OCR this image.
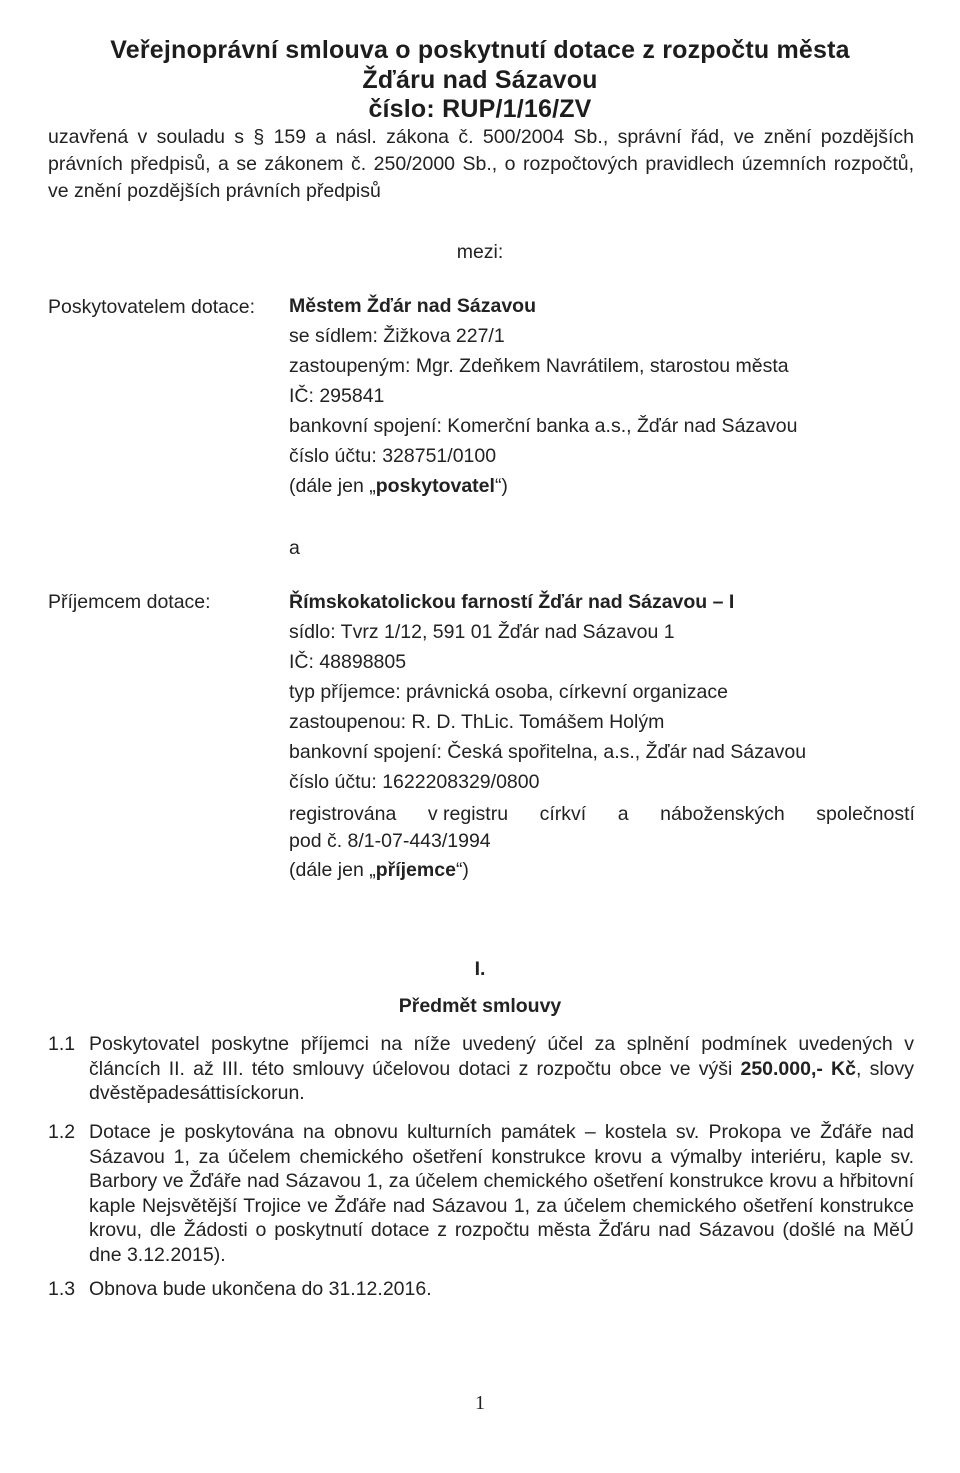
Veřejnoprávní smlouva o poskytnutí dotace z rozpočtu města
Žďáru nad Sázavou
číslo: RUP/1/16/ZV
uzavřená v souladu s § 159 a násl. zákona č. 500/2004 Sb., správní řád, ve znění pozdějších právních předpisů, a se zákonem č. 250/2000 Sb., o rozpočtových pravidlech územních rozpočtů, ve znění pozdějších právních předpisů
mezi:
Poskytovatelem dotace: Městem Žďár nad Sázavou
se sídlem: Žižkova 227/1
zastoupeným: Mgr. Zdeňkem Navrátilem, starostou města
IČ: 295841
bankovní spojení: Komerční banka a.s., Žďár nad Sázavou
číslo účtu: 328751/0100
(dále jen „poskytovatel“)
a
Příjemcem dotace:	Římskokatolickou farností Žďár nad Sázavou – I
sídlo: Tvrz 1/12, 591 01 Žďár nad Sázavou 1
IČ: 48898805
typ příjemce: právnická osoba, církevní organizace
zastoupenou: R. D. ThLic. Tomášem Holým
bankovní spojení: Česká spořitelna, a.s., Žďár nad Sázavou
číslo účtu: 1622208329/0800
registrována v registru církví a náboženských společností
pod č. 8/1-07-443/1994
(dále jen „příjemce“)
I.
Předmět smlouvy
1.1 Poskytovatel poskytne příjemci na níže uvedený účel za splnění podmínek uvedených v článcích II. až III. této smlouvy účelovou dotaci z rozpočtu obce ve výši 250.000,- Kč, slovy dvěstěpadesáttisíckorun.
1.2 Dotace je poskytována na obnovu kulturních památek – kostela sv. Prokopa ve Žďáře nad Sázavou 1, za účelem chemického ošetření konstrukce krovu a výmalby interiéru, kaple sv. Barbory ve Žďáře nad Sázavou 1, za účelem chemického ošetření konstrukce krovu a hřbitovní kaple Nejsvětější Trojice ve Žďáře nad Sázavou 1, za účelem chemického ošetření konstrukce krovu, dle Žádosti o poskytnutí dotace z rozpočtu města Žďáru nad Sázavou (došlé na MěÚ dne 3.12.2015).
1.3 Obnova bude ukončena do 31.12.2016.
1
